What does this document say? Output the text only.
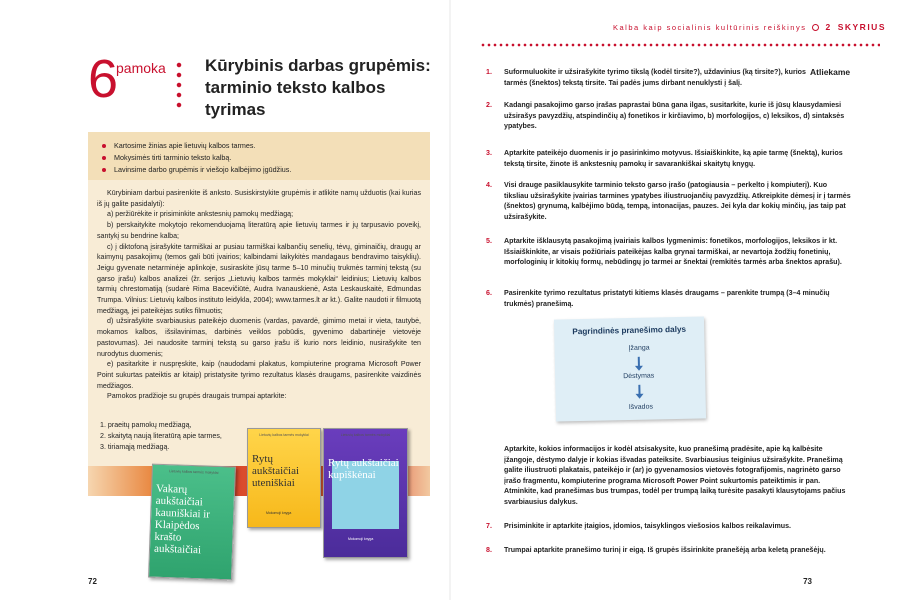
6
pamoka Kūrybinis darbas grupėmis:
tarminio teksto kalbos
tyrimas
Kartosime žinias apie lietuvių kalbos tarmes.
Mokysimės tirti tarminio teksto kalbą.
Lavinsime darbo grupėmis ir viešojo kalbėjimo įgūdžius.

Kūrybiniam darbui pasirenkite iš anksto. Susiskirstykite grupėmis ir atlikite namų užduotis (kai kurias iš jų galite pasidalyti):

a) peržiūrėkite ir prisiminkite ankstesnių pamokų medžiagą;

b) perskaitykite mokytojo rekomenduojamą literatūrą apie lietuvių tarmes ir jų tarpusavio poveikį, santykį su bendrine kalba;

c) į diktofoną įsirašykite tarmiškai ar pusiau tarmiškai kalbančių senelių, tėvų, giminaičių, draugų ar kaimynų pasakojimų (temos gali būti įvairios; kalbindami laikykitės mandagaus bendravimo taisyklių). Jeigu gyvenate netarminėje aplinkoje, susiraskite jūsų tarme 5–10 minučių trukmės tarminį tekstą (su garso įrašu) kalbos analizei (žr. serijos „Lietuvių kalbos tarmės mokyklai“ leidinius; Lietuvių kalbos tarmių chrestomatiją (sudarė Rima Bacevičiūtė, Audra Ivanauskienė, Asta Leskauskaitė, Edmundas Trumpa. Vilnius: Lietuvių kalbos instituto leidykla, 2004); www.tarmes.lt ar kt.). Galite naudoti ir filmuotą medžiagą, jei pateikėjas sutiks filmuotis;

d) užsirašykite svarbiausius pateikėjo duomenis (vardas, pavardė, gimimo metai ir vieta, tautybė, mokamos kalbos, išsilavinimas, darbinės veiklos pobūdis, gyvenimo dabartinėje vietovėje pastovumas). Jei naudosite tarminį tekstą su garso įrašu iš kurio nors leidinio, nusirašykite ten nurodytus duomenis;

e) pasitarkite ir nuspręskite, kaip (naudodami plakatus, kompiuterine programa Microsoft Power Point sukurtas pateiktis ar kitaip) pristatysite tyrimo rezultatus klasės draugams, pasirenkite vaizdinės medžiagos.

Pamokos pradžioje su grupės draugais trumpai aptarkite:

1. praeitų pamokų medžiagą,
2. skaitytą naują literatūrą apie tarmes,
3. tiriamąją medžiagą.
Lietuvių kalbos tarmės mokyklai
Vakarų aukštaičiai kauniškiai ir Klaipėdos krašto aukštaičiai
Lietuvių kalbos tarmės mokyklai
Rytų aukštaičiai uteniškiai
Mokomoji knyga
Lietuvių kalbos tarmės mokyklai
Rytų aukštaičiai kupiškėnai
Mokomoji knyga
72
Kalba kaip socialinis kultūrinis reiškinys 2 SKYRIUS
Atliekame
1. Suformuluokite ir užsirašykite tyrimo tikslą (kodėl tirsite?), uždavinius (ką tirsite?), kurios tarmės (šnektos) tekstą tirsite. Tai padės jums dirbant nenuklysti į šalį.
2. Kadangi pasakojimo garso įrašas paprastai būna gana ilgas, susitarkite, kurie iš jūsų klausydamiesi užsirašys pavyzdžių, atspindinčių a) fonetikos ir kirčiavimo, b) morfologijos, c) leksikos, d) sintaksės ypatybes.
3. Aptarkite pateikėjo duomenis ir jo pasirinkimo motyvus. Išsiaiškinkite, ką apie tarmę (šnektą), kurios tekstą tirsite, žinote iš ankstesnių pamokų ir savarankiškai skaitytų knygų.
4. Visi drauge pasiklausykite tarminio teksto garso įrašo (patogiausia – perkelto į kompiuterį). Kuo tiksliau užsirašykite įvairias tarmines ypatybes iliustruojančių pavyzdžių. Atkreipkite dėmesį ir į tarmės (šnektos) grynumą, kalbėjimo būdą, tempą, intonacijas, pauzes. Jei kyla dar kokių minčių, jas taip pat užsirašykite.
5. Aptarkite išklausytą pasakojimą įvairiais kalbos lygmenimis: fonetikos, morfologijos, leksikos ir kt. Išsiaiškinkite, ar visais požiūriais pateikėjas kalba grynai tarmiškai, ar nevartoja žodžių fonetinių, morfologinių ir kitokių formų, nebūdingų jo tarmei ar šnektai (remkitės tarmės arba šnektos aprašu).
6. Pasirenkite tyrimo rezultatus pristatyti kitiems klasės draugams – parenkite trumpą (3–4 minučių trukmės) pranešimą.
Aptarkite, kokios informacijos ir kodėl atsisakysite, kuo pranešimą pradėsite, apie ką kalbėsite įžangoje, dėstymo dalyje ir kokias išvadas pateiksite. Svarbiausius teiginius užsirašykite. Pranešimą galite iliustruoti plakatais, pateikėjo ir (ar) jo gyvenamosios vietovės fotografijomis, nagrinėto garso įrašo fragmentu, kompiuterine programa Microsoft Power Point sukurtomis pateiktimis ir pan. Atminkite, kad pranešimas bus trumpas, todėl per trumpą laiką turėsite pasakyti klausytojams pačius svarbiausius dalykus.
7. Prisiminkite ir aptarkite įtaigios, įdomios, taisyklingos viešosios kalbos reikalavimus.
8. Trumpai aptarkite pranešimo turinį ir eigą. Iš grupės išsirinkite pranešėją arba keletą pranešėjų.
Pagrindinės pranešimo dalys
Įžanga
Dėstymas
Išvados
73
